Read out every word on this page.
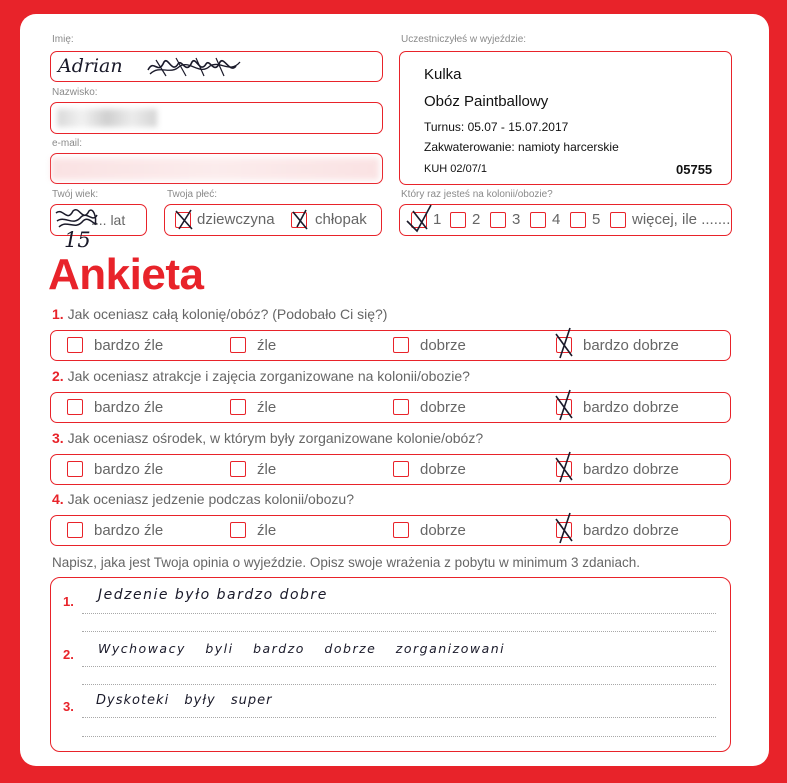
Imię:
Adrian
Nazwisko:
e-mail:
Twój wiek:
.... lat
15
Twoja płeć:
dziewczyna	chłopak
Uczestniczyłeś w wyjeździe:
Kulka
Obóz Paintballowy
Turnus: 05.07 - 15.07.2017
Zakwaterowanie: namioty harcerskie
KUH 02/07/1	05755
Który raz jesteś na kolonii/obozie?
1 2 3 4 5 więcej, ile .......
Ankieta
1. Jak oceniasz całą kolonię/obóz? (Podobało Ci się?)
bardzo źle	źle	dobrze	bardzo dobrze
2. Jak oceniasz atrakcje i zajęcia zorganizowane na kolonii/obozie?
bardzo źle	źle	dobrze	bardzo dobrze
3. Jak oceniasz ośrodek, w którym były zorganizowane kolonie/obóz?
bardzo źle	źle	dobrze	bardzo dobrze
4. Jak oceniasz jedzenie podczas kolonii/obozu?
bardzo źle	źle	dobrze	bardzo dobrze
Napisz, jaka jest Twoja opinia o wyjeździe. Opisz swoje wrażenia z pobytu w minimum 3 zdaniach.
1. Jedzenie było bardzo dobre
2. Wychowacy byli bardzo dobrze zorganizowani
3. Dyskoteki były super
